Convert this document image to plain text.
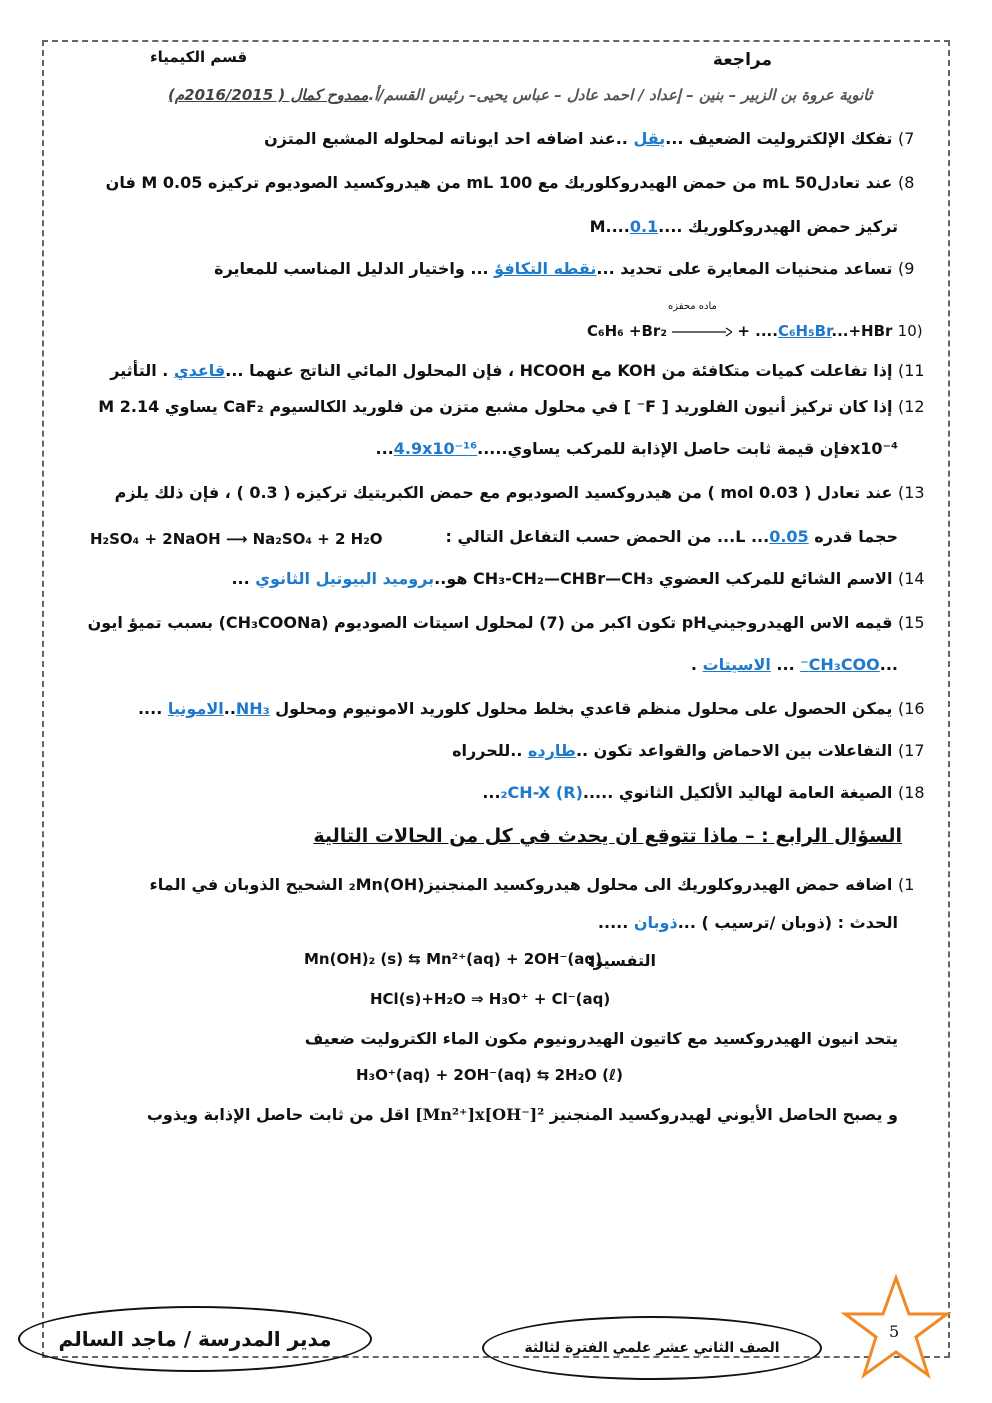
مراجعة
قسم الكيمياء
ثانوية عروة بن الزبير – بنين – إعداد / احمد عادل – عباس يحيى– رئيس القسم/أ.ممدوح كمال ( 2016/2015م)
7) تفكك الإلكتروليت الضعيف ...يقل ..عند اضافه احد ايوناته لمحلوله المشبع المتزن
8) عند تعادل50 mL من حمض الهيدروكلوريك مع 100 mL من هيدروكسيد الصوديوم تركيزه 0.05 M فان
تركيز حمض الهيدروكلوريك ....0.1....M
9) تساعد منحنيات المعايرة على تحديد ...نقطه التكافؤ ... واختيار الدليل المناسب للمعايرة
ماده محفزه
C₆H₆ +Br₂ → + ....C₆H₅Br...+HBr 10)
11) إذا تفاعلت كميات متكافئة من KOH مع HCOOH ، فإن المحلول المائي الناتج عنهما ...قاعدي . التأثير
12) إذا كان تركيز أنيون الفلوريد [ F⁻ ] في محلول مشبع متزن من فلوريد الكالسيوم CaF₂ يساوي 2.14 M
x10⁻⁴فإن قيمة ثابت حاصل الإذابة للمركب يساوي.....4.9x10⁻¹⁶...
13) عند تعادل ( 0.03 mol ) من هيدروكسيد الصوديوم مع حمض الكبريتيك تركيزه ( 0.3 ) ، فإن ذلك يلزم
حجما قدره L ...0.05... من الحمض حسب التفاعل التالي :
H₂SO₄ + 2NaOH ⟶ Na₂SO₄ + 2 H₂O
14) الاسم الشائع للمركب العضوي CH₃-CH₂—CHBr—CH₃ هو..بروميد البيوتيل الثانوي ...
15) قيمه الاس الهيدروجينيpH تكون اكبر من (7) لمحلول اسيتات الصوديوم (CH₃COONa) بسبب تميؤ ايون
...CH₃COO⁻ ... الاسيتات .
16) يمكن الحصول على محلول منظم قاعدي بخلط محلول كلوريد الامونيوم ومحلول NH₃..الامونيا ....
17) التفاعلات بين الاحماض والقواعد تكون ..طارده ..للحرراه
18) الصيغة العامة لهاليد الألكيل الثانوي .....(R) ₂CH-X...
السؤال الرابع : – ماذا تتوقع ان يحدث في كل من الحالات التالية
1) اضافه حمض الهيدروكلوريك الى محلول هيدروكسيد المنجنيز₂Mn(OH) الشحيح الذوبان في الماء
الحدث : (ذوبان /ترسيب ) ...ذوبان .....
التفسير:
Mn(OH)₂ (s) ⇆ Mn²⁺(aq) + 2OH⁻(aq)
HCl(s)+H₂O ⇒ H₃O⁺ + Cl⁻(aq)
يتحد انيون الهيدروكسيد مع كاتيون الهيدرونيوم مكون الماء الكتروليت ضعيف
H₃O⁺(aq) + 2OH⁻(aq) ⇆ 2H₂O (ℓ)
و يصبح الحاصل الأيوني لهيدروكسيد المنجنيز [Mn²⁺]x[OH⁻]² اقل من ثابت حاصل الإذابة ويذوب
مدير المدرسة / ماجد السالم	الصف الثاني عشر علمي الفترة لثالثة
5
